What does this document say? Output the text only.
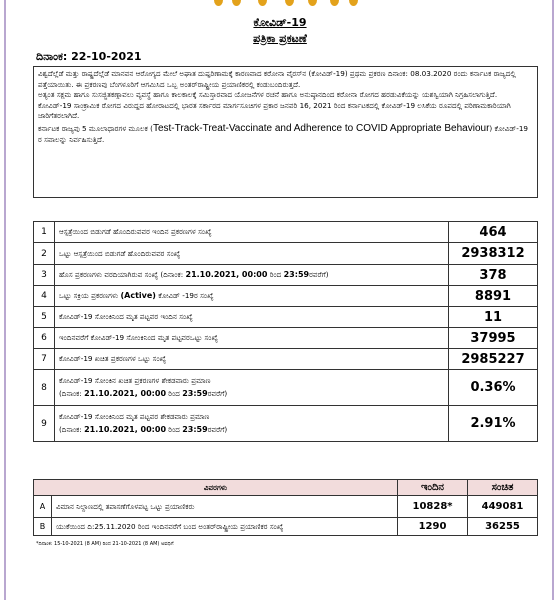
ಕೋವಿಡ್-19
ಪತ್ರಿಕಾ ಪ್ರಕಟಣೆ
ದಿನಾಂಕ: 22-10-2021

ವಿಶ್ವದೆಲ್ಲೆಡೆ ಮತ್ತು ರಾಷ್ಟ್ರದೆಲ್ಲೆಡೆ ಮಾನವನ ಆರೋಗ್ಯದ ಮೇಲೆ ಅಘಾತ ದುಷ್ಪರಿಣಾಮಕ್ಕೆ ಕಾರಣವಾದ ಕರೋನಾ ವೈರಸ್‌ನ (ಕೋವಿಡ್-19) ಪ್ರಥಮ ಪ್ರಕರಣ ದಿನಾಂಕ: 08.03.2020 ರಂದು ಕರ್ನಾಟಕ ರಾಜ್ಯದಲ್ಲಿ ಪತ್ತೆಯಾಯಿತು. ಈ ಪ್ರಕರಣವು ಬೆಂಗಳೂರಿಗೆ ಆಗಮಿಸಿದ ಒಬ್ಬ ಅಂತರ್‌ರಾಷ್ಟ್ರೀಯ ಪ್ರಯಾಣಿಕರಲ್ಲಿ ಕಂಡುಬಂದಿರುತ್ತದೆ.

ಅತ್ಯಂತ ಸಕ್ಷಮ ಹಾಗೂ ಸುಸಜ್ಜಿತಕಣ್ಗಾವಲು ವ್ಯವಸ್ಥೆ ಹಾಗೂ ಕಾಲಕಾಲಕ್ಕೆ ಸಮಿಸ್ತಾರವಾದ ಯೋಜನೆಗಳ ರಚನೆ ಹಾಗೂ ಅನುಷ್ಠಾನದಿಂದ ಕರೋನಾ ರೋಗದ ಹರಡುವಿಕೆಯನ್ನು ಯಶಸ್ವಿಯಾಗಿ ನಿಗ್ರಹಿಸಲಾಗುತ್ತಿದೆ.

ಕೋವಿಡ್-19 ಸಾಂಕ್ರಾಮಿಕ ರೋಗದ ವಿರುದ್ದದ ಹೋರಾಟದಲ್ಲಿ ಭಾರತ ಸರ್ಕಾರದ ಮಾರ್ಗಸೂಚಿಗಳ ಪ್ರಕಾರ ಜನವರಿ 16, 2021 ರಿಂದ ಕರ್ನಾಟಕದಲ್ಲಿ ಕೋವಿಡ್-19 ಲಸಿಕೆಯ ರೂಪದಲ್ಲಿ ಪರಿಣಾಮಕಾರಿಯಾಗಿ ಜಾರಿಗೆತರಲಾಗಿದೆ.

ಕರ್ನಾಟಕ ರಾಜ್ಯವು 5 ಮೂಲಾಧಾರಗಳ ಮೂಲಕ (Test-Track-Treat-Vaccinate and Adherence to COVID Appropriate Behaviour) ಕೋವಿಡ್-19 ರ ಸವಾಲನ್ನು ನಿರ್ವಹಿಸುತ್ತಿದೆ.

1	ಆಸ್ಪತ್ರೆಯಿಂದ ಬಿಡುಗಡೆ ಹೊಂದಿರುವವರ ಇಂದಿನ ಪ್ರಕರಣಗಳ ಸಂಖ್ಯೆ	464
2	ಒಟ್ಟು ಆಸ್ಪತ್ರೆಯಿಂದ ಬಿಡುಗಡೆ ಹೊಂದಿರುವವರ ಸಂಖ್ಯೆ	2938312
3	ಹೊಸ ಪ್ರಕರಣಗಳು ವರದಿಯಾಗಿರುವ ಸಂಖ್ಯೆ (ದಿನಾಂಕ: 21.10.2021, 00:00 ರಿಂದ 23:59ರವರೆಗೆ)	378
4	ಒಟ್ಟು ಸಕ್ರಿಯ ಪ್ರಕರಣಗಳು (Active) ಕೋವಿಡ್ -19ರ ಸಂಖ್ಯೆ	8891
5	ಕೋವಿಡ್-19 ಸೋಂಕಿನಿಂದ ಮೃತ ಪಟ್ಟವರ ಇಂದಿನ ಸಂಖ್ಯೆ	11
6	ಇಂದಿನವರೆಗೆ ಕೋವಿಡ್-19 ಸೋಂಕಿನಿಂದ ಮೃತ ಪಟ್ಟವರಒಟ್ಟು ಸಂಖ್ಯೆ	37995
7	ಕೋವಿಡ್-19 ಖಚಿತ ಪ್ರಕರಣಗಳ ಒಟ್ಟು ಸಂಖ್ಯೆ	2985227
8	ಕೋವಿಡ್-19 ಸೋಂಕಿನ ಖಚಿತ ಪ್ರಕರಣಗಳ ಶೇಕಡವಾರು ಪ್ರಮಾಣ
(ದಿನಾಂಕ: 21.10.2021, 00:00 ರಿಂದ 23:59ರವರೆಗೆ)	0.36%
9	ಕೋವಿಡ್-19 ಸೋಂಕಿನಿಂದ ಮೃತ ಪಟ್ಟವರ ಶೇಕಡವಾರು ಪ್ರಮಾಣ
(ದಿನಾಂಕ: 21.10.2021, 00:00 ರಿಂದ 23:59ರವರೆಗೆ)	2.91%
ವಿವರಗಳು		ಇಂದಿನ	ಸಂಚಿತ
A	ವಿಮಾನ ನಿಲ್ದಾಣದಲ್ಲಿ ತಪಾಸಣೆಗೊಳಪಟ್ಟ ಒಟ್ಟು ಪ್ರಯಾಣಿಕರು	10828*	449081
B	ಯುಕೆಯಿಂದ ದಿ:25.11.2020 ರಿಂದ ಇಂದಿನವರೆಗೆ ಬಂದ ಅಂತರ್‌ರಾಷ್ಟ್ರೀಯ ಪ್ರಯಾಣಿಕರ ಸಂಖ್ಯೆ	1290	36255
*ದಿನಾಂಕ: 15-10-2021 (8 AM) ರಿಂದ 21-10-2021 (8 AM) ಅವಧಿಗೆ
